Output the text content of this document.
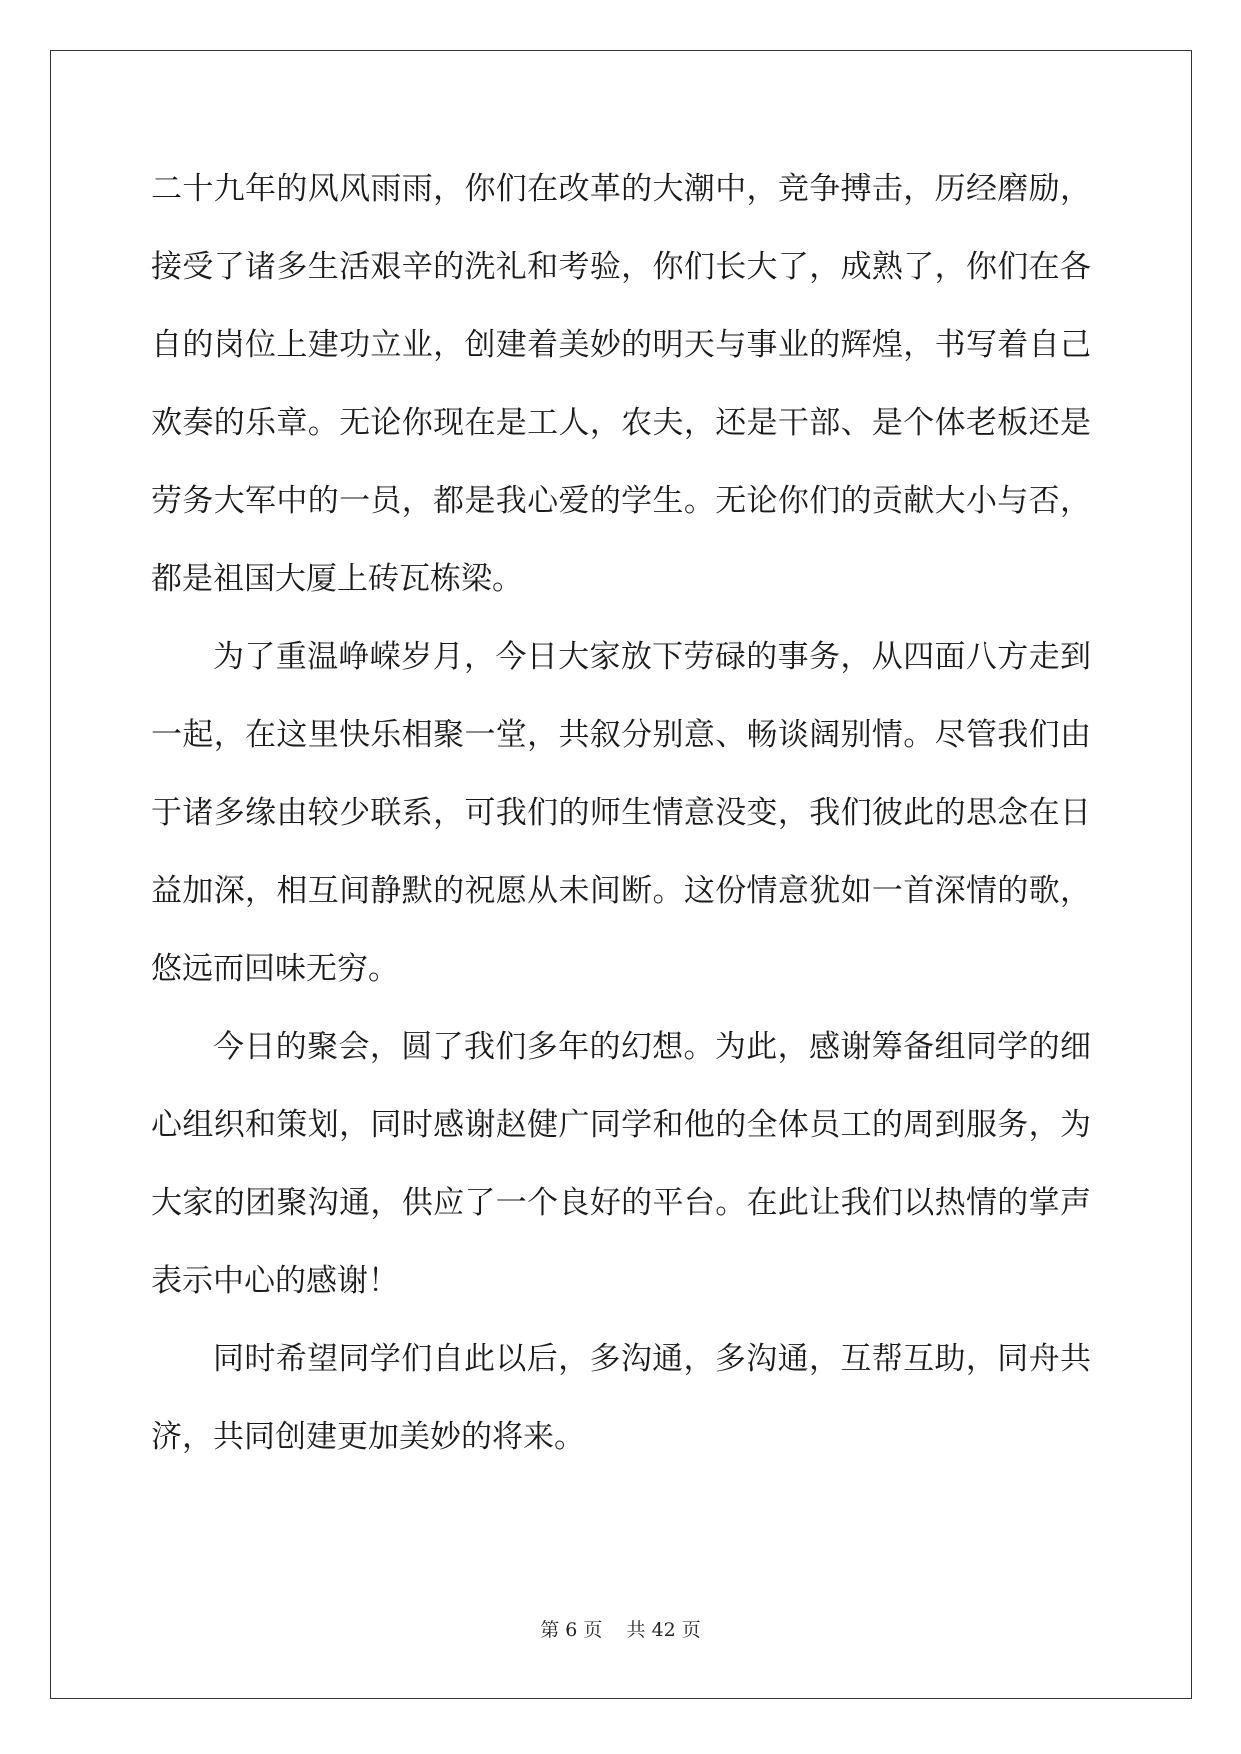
二十九年的风风雨雨，你们在改革的大潮中，竞争搏击，历经磨励，
接受了诸多生活艰辛的洗礼和考验，你们长大了，成熟了，你们在各
自的岗位上建功立业，创建着美妙的明天与事业的辉煌，书写着自己
欢奏的乐章。无论你现在是工人，农夫，还是干部、是个体老板还是
劳务大军中的一员，都是我心爱的学生。无论你们的贡献大小与否，
都是祖国大厦上砖瓦栋梁。
为了重温峥嵘岁月，今日大家放下劳碌的事务，从四面八方走到
一起，在这里快乐相聚一堂，共叙分别意、畅谈阔别情。尽管我们由
于诸多缘由较少联系，可我们的师生情意没变，我们彼此的思念在日
益加深，相互间静默的祝愿从未间断。这份情意犹如一首深情的歌，
悠远而回味无穷。
今日的聚会，圆了我们多年的幻想。为此，感谢筹备组同学的细
心组织和策划，同时感谢赵健广同学和他的全体员工的周到服务，为
大家的团聚沟通，供应了一个良好的平台。在此让我们以热情的掌声
表示中心的感谢！
同时希望同学们自此以后，多沟通，多沟通，互帮互助，同舟共
济，共同创建更加美妙的将来。
第 6 页    共 42 页
